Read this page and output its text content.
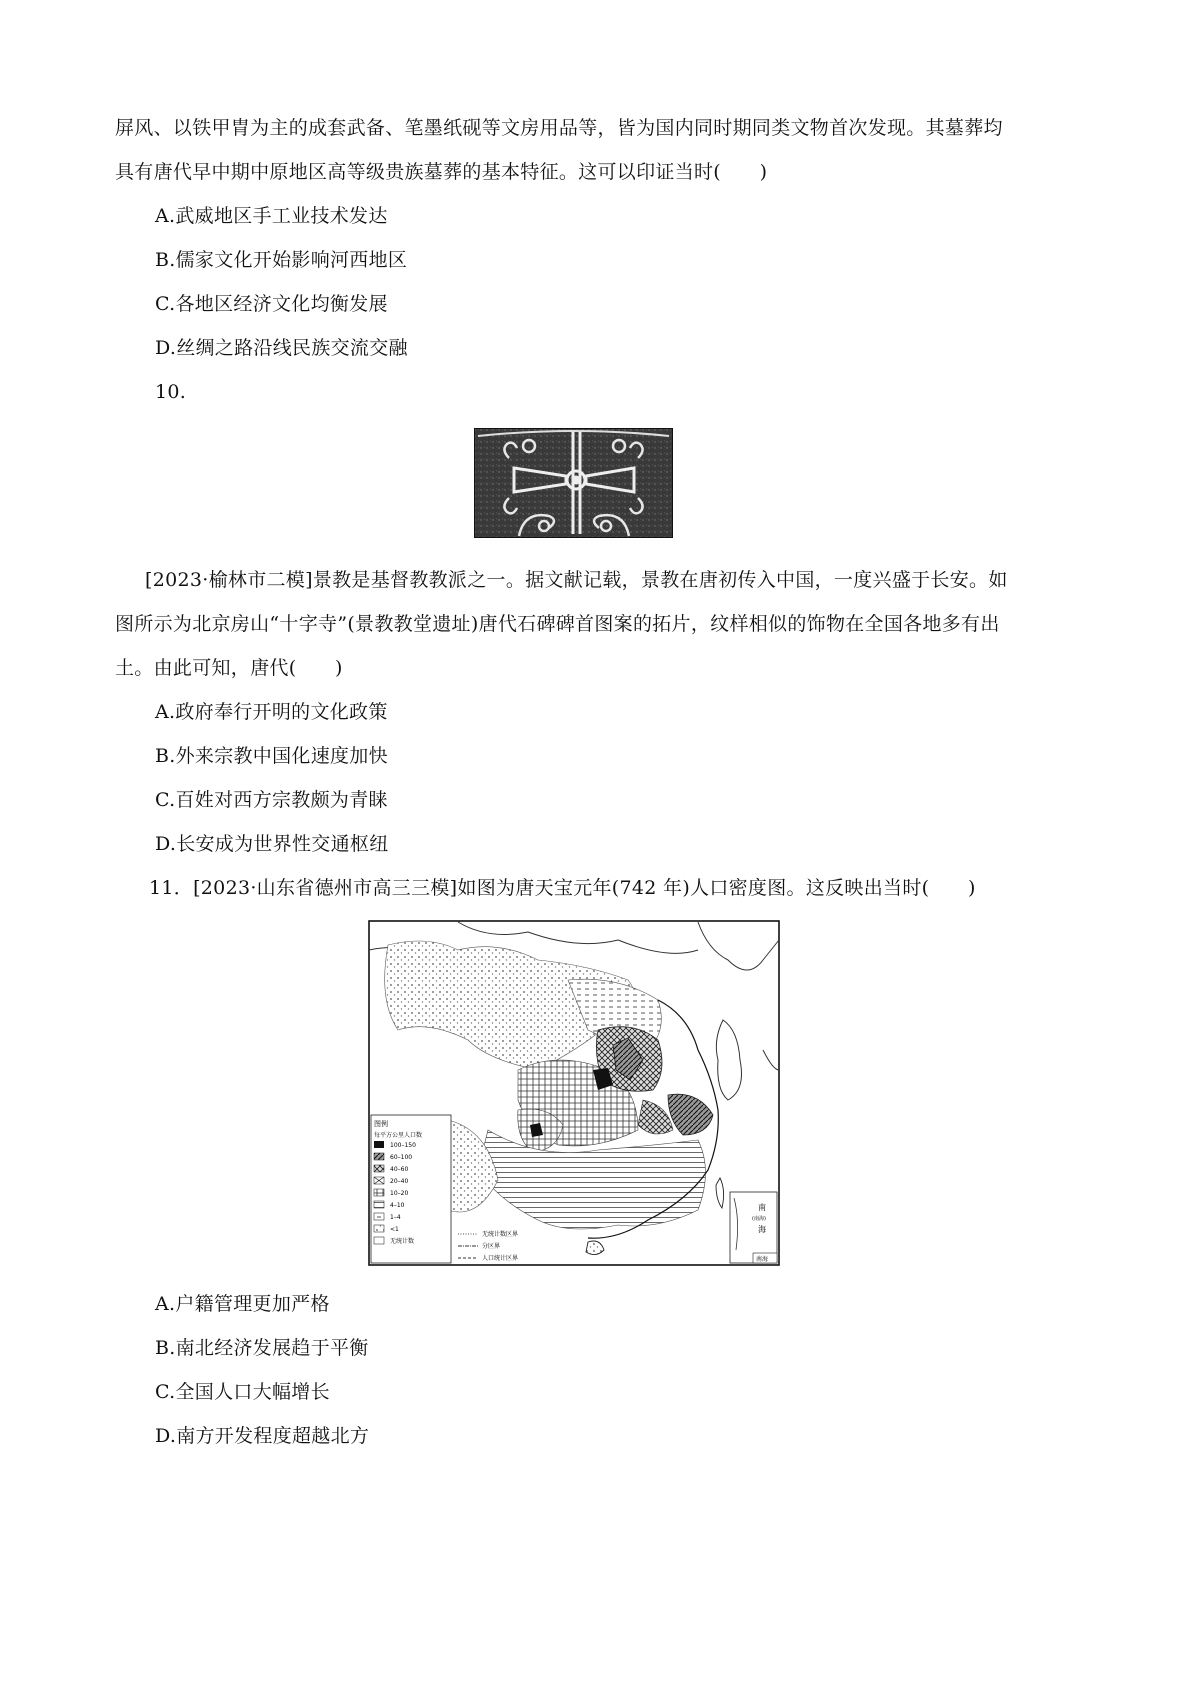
屏风、以铁甲胄为主的成套武备、笔墨纸砚等文房用品等，皆为国内同时期同类文物首次发现。其墓葬均
具有唐代早中期中原地区高等级贵族墓葬的基本特征。这可以印证当时(　　)
A.武威地区手工业技术发达
B.儒家文化开始影响河西地区
C.各地区经济文化均衡发展
D.丝绸之路沿线民族交流交融
10.
[2023·榆林市二模]景教是基督教教派之一。据文献记载，景教在唐初传入中国，一度兴盛于长安。如
图所示为北京房山“十字寺”(景教教堂遗址)唐代石碑碑首图案的拓片，纹样相似的饰物在全国各地多有出
土。由此可知，唐代(　　)
A.政府奉行开明的文化政策
B.外来宗教中国化速度加快
C.百姓对西方宗教颇为青睐
D.长安成为世界性交通枢纽
11．[2023·山东省德州市高三三模]如图为唐天宝元年(742 年)人口密度图。这反映出当时(　　)
图例
每平方公里人口数
100–150
60–100
40–60
20–40
10–20
4–10
1–4
<1
无统计数
无统计数区界
分区界
人口统计区界
南
(南海)
海
南海
A.户籍管理更加严格
B.南北经济发展趋于平衡
C.全国人口大幅增长
D.南方开发程度超越北方
